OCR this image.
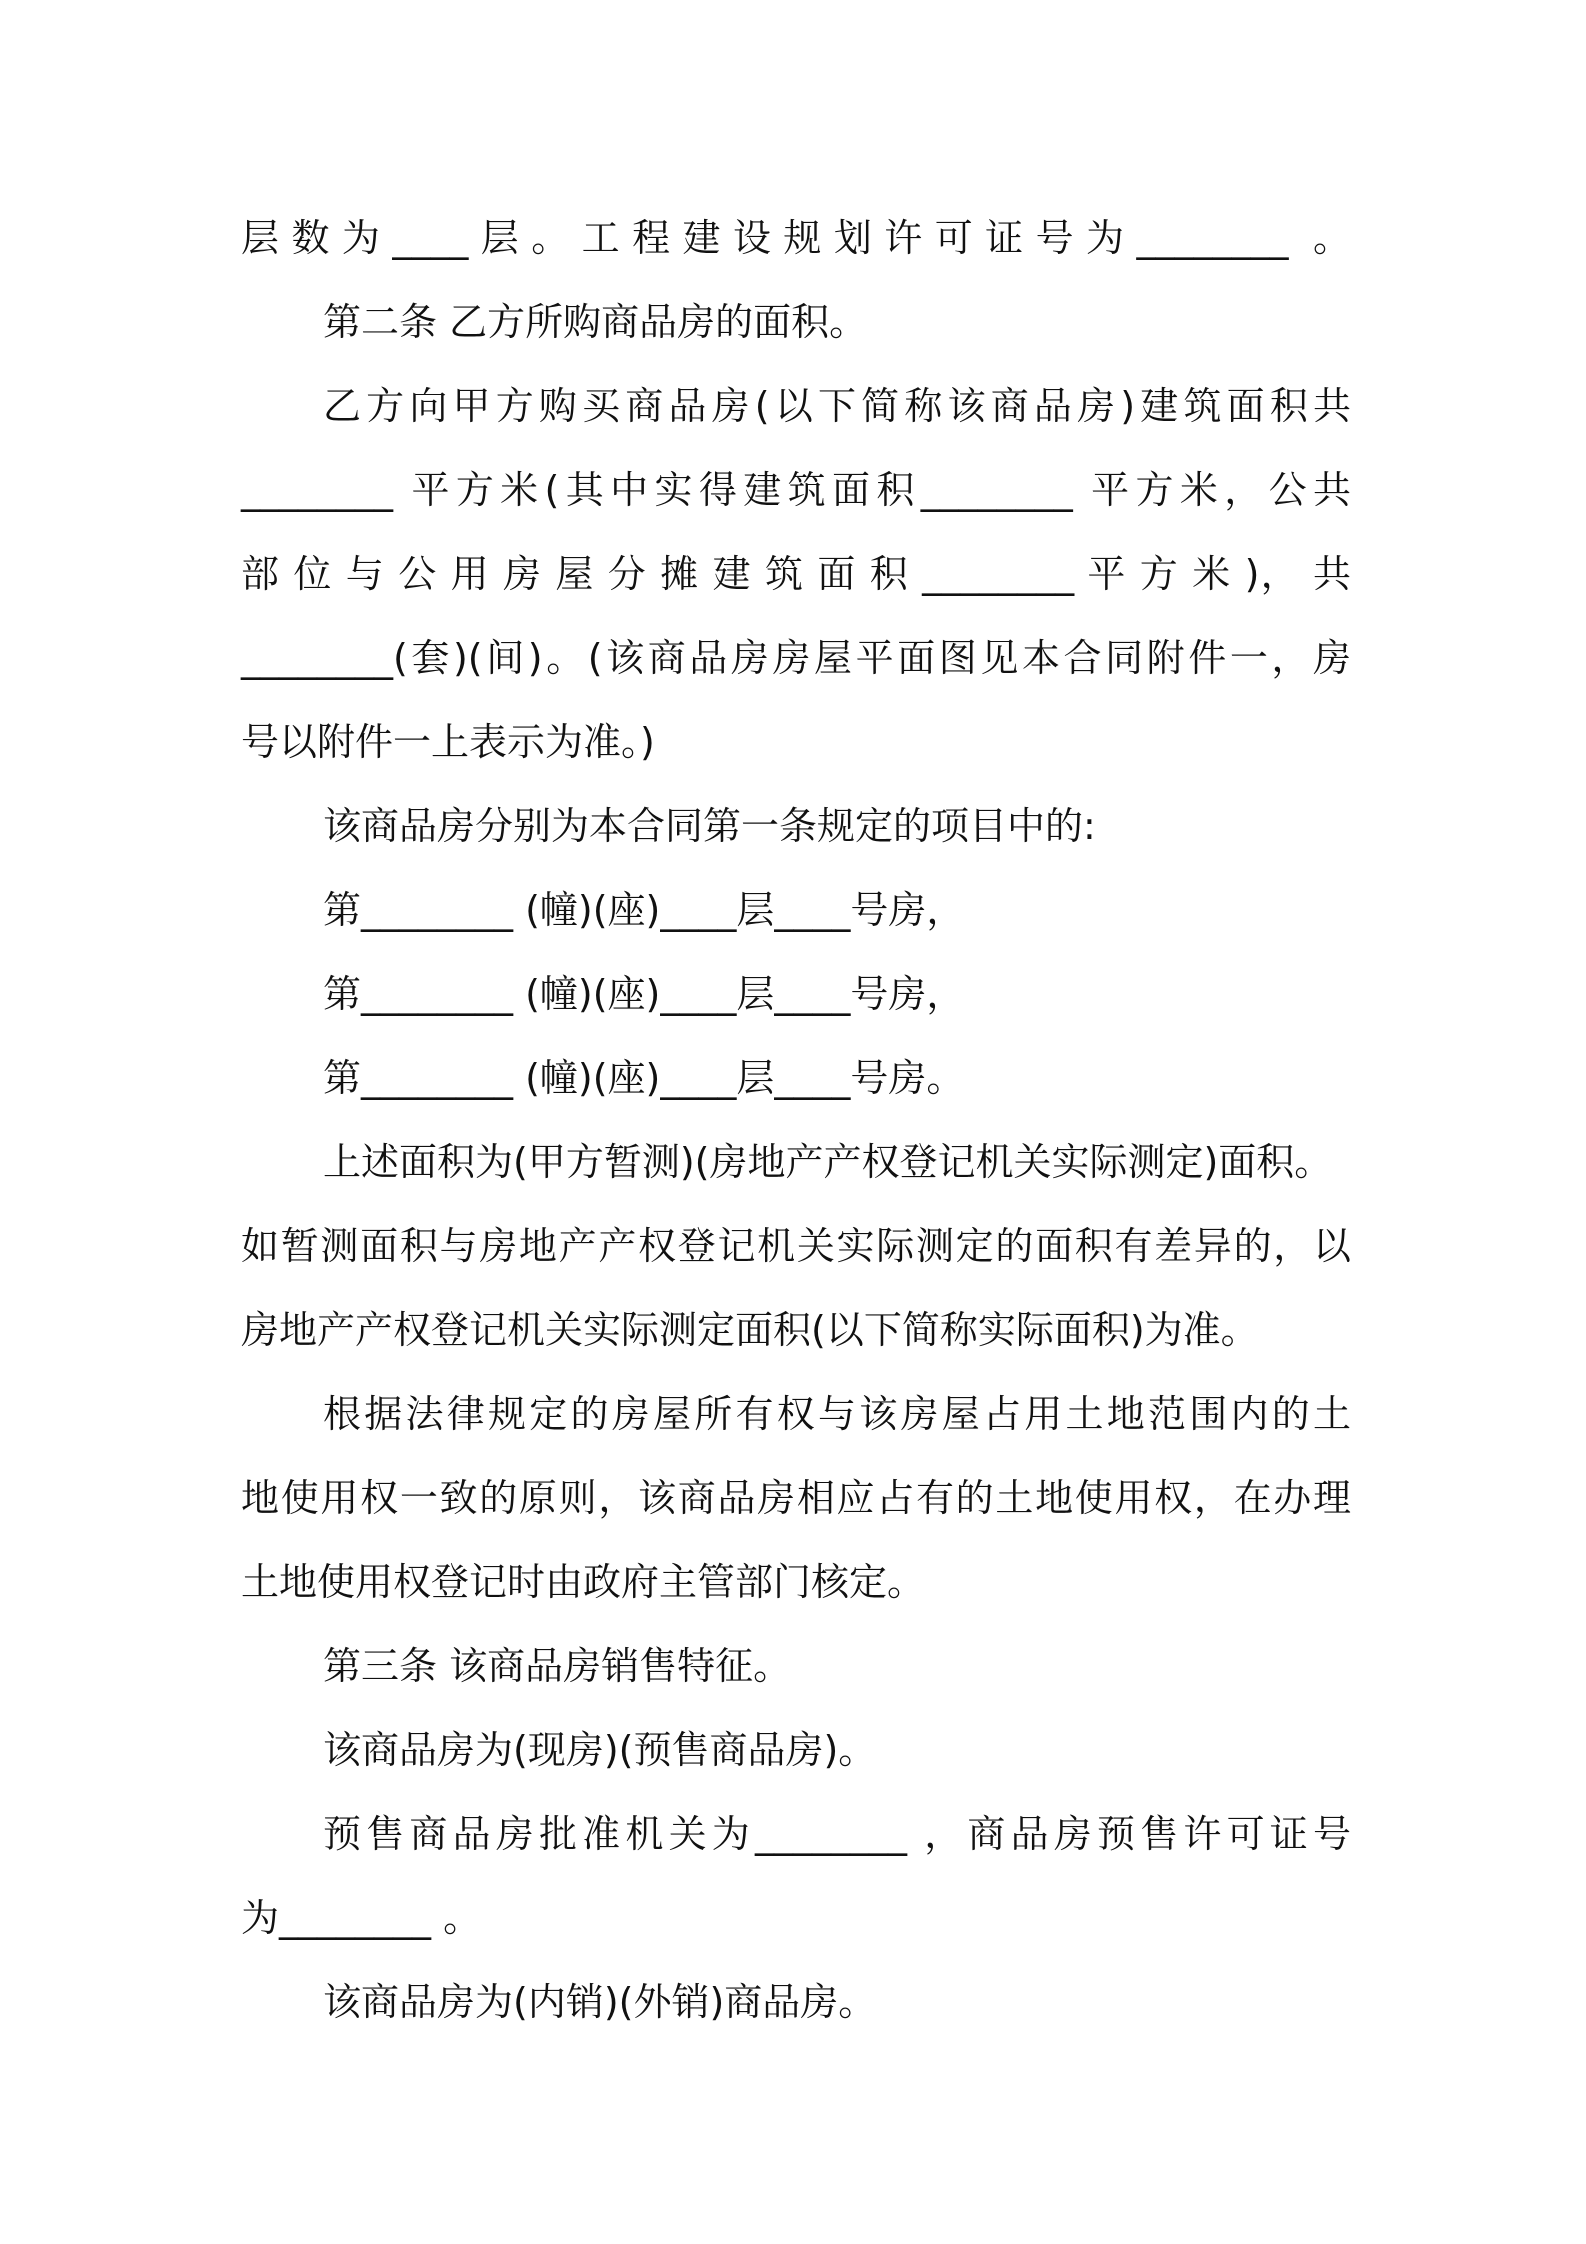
层数为____层。工程建设规划许可证号为________ 。
第二条 乙方所购商品房的面积。
乙方向甲方购买商品房(以下简称该商品房)建筑面积共
________ 平方米(其中实得建筑面积________ 平方米，公共
部 位 与 公 用 房 屋 分 摊 建 筑 面 积 ________ 平 方 米 )， 共
________(套)(间)。(该商品房房屋平面图见本合同附件一，房
号以附件一上表示为准。)
该商品房分别为本合同第一条规定的项目中的:
第________ (幢)(座)____层____号房，
第________ (幢)(座)____层____号房，
第________ (幢)(座)____层____号房。
上述面积为(甲方暂测)(房地产产权登记机关实际测定)面积。
如暂测面积与房地产产权登记机关实际测定的面积有差异的，以
房地产产权登记机关实际测定面积(以下简称实际面积)为准。
根据法律规定的房屋所有权与该房屋占用土地范围内的土
地使用权一致的原则，该商品房相应占有的土地使用权，在办理
土地使用权登记时由政府主管部门核定。
第三条 该商品房销售特征。
该商品房为(现房)(预售商品房)。
预售商品房批准机关为________ ，商品房预售许可证号
为________ 。
该商品房为(内销)(外销)商品房。
